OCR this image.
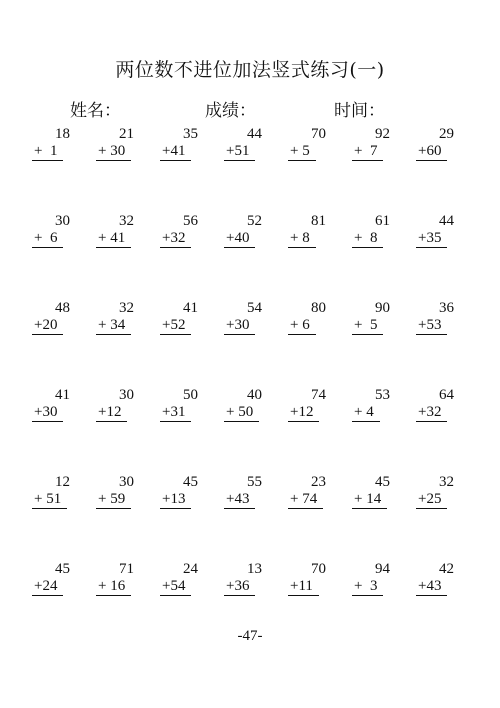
两位数不进位加法竖式练习(一)
姓名：	成绩：	时间：
18
+  1
21
+ 30
35
+41
44
+51
70
+ 5
92
+  7
29
+60
30
+  6
32
+ 41
56
+32
52
+40
81
+ 8
61
+  8
44
+35
48
+20
32
+ 34
41
+52
54
+30
80
+ 6
90
+  5
36
+53
41
+30
30
+12
50
+31
40
+ 50
74
+12
53
+ 4
64
+32
12
+ 51
30
+ 59
45
+13
55
+43
23
+ 74
45
+ 14
32
+25
45
+24
71
+ 16
24
+54
13
+36
70
+11
94
+  3
42
+43
-47-
